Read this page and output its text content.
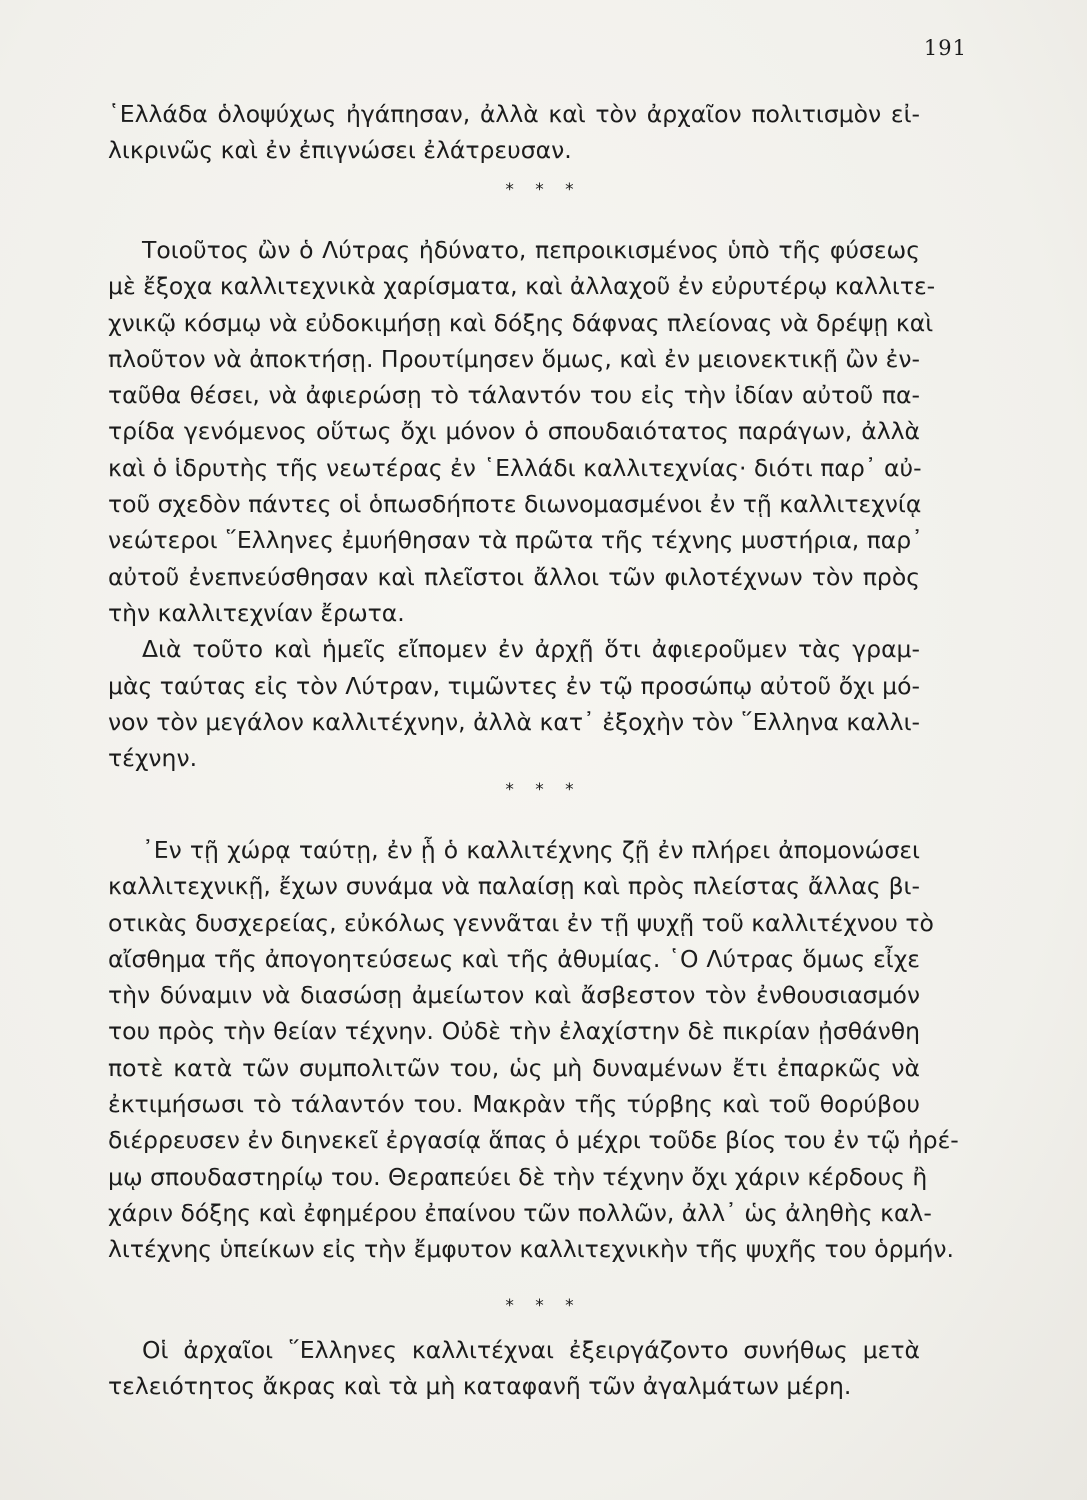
191
῾Ελλάδα ὁλοψύχως ἠγάπησαν, ἀλλὰ καὶ τὸν ἀρχαῖον πολιτισμὸν εἰ-
λικρινῶς καὶ ἐν ἐπιγνώσει ἐλάτρευσαν.
* * *
Τοιοῦτος ὢν ὁ Λύτρας ἠδύνατο, πεπροικισμένος ὑπὸ τῆς φύσεως
μὲ ἔξοχα καλλιτεχνικὰ χαρίσματα, καὶ ἀλλαχοῦ ἐν εὐρυτέρῳ καλλιτε-
χνικῷ κόσμῳ νὰ εὐδοκιμήσῃ καὶ δόξης δάφνας πλείονας νὰ δρέψῃ καὶ
πλοῦτον νὰ ἀποκτήσῃ. Προυτίμησεν ὅμως, καὶ ἐν μειονεκτικῇ ὢν ἐν-
ταῦθα θέσει, νὰ ἀφιερώσῃ τὸ τάλαντόν του εἰς τὴν ἰδίαν αὐτοῦ πα-
τρίδα γενόμενος οὕτως ὄχι μόνον ὁ σπουδαιότατος παράγων, ἀλλὰ
καὶ ὁ ἱδρυτὴς τῆς νεωτέρας ἐν ῾Ελλάδι καλλιτεχνίας· διότι παρ᾽ αὐ-
τοῦ σχεδὸν πάντες οἱ ὁπωσδήποτε διωνομασμένοι ἐν τῇ καλλιτεχνίᾳ
νεώτεροι ῞Ελληνες ἐμυήθησαν τὰ πρῶτα τῆς τέχνης μυστήρια, παρ᾽
αὐτοῦ ἐνεπνεύσθησαν καὶ πλεῖστοι ἄλλοι τῶν φιλοτέχνων τὸν πρὸς
τὴν καλλιτεχνίαν ἔρωτα.
Διὰ τοῦτο καὶ ἡμεῖς εἴπομεν ἐν ἀρχῇ ὅτι ἀφιεροῦμεν τὰς γραμ-
μὰς ταύτας εἰς τὸν Λύτραν, τιμῶντες ἐν τῷ προσώπῳ αὐτοῦ ὄχι μό-
νον τὸν μεγάλον καλλιτέχνην, ἀλλὰ κατ᾽ ἐξοχὴν τὸν ῞Ελληνα καλλι-
τέχνην.
* * *
᾽Εν τῇ χώρᾳ ταύτῃ, ἐν ᾗ ὁ καλλιτέχνης ζῇ ἐν πλήρει ἀπομονώσει
καλλιτεχνικῇ, ἔχων συνάμα νὰ παλαίσῃ καὶ πρὸς πλείστας ἄλλας βι-
οτικὰς δυσχερείας, εὐκόλως γεννᾶται ἐν τῇ ψυχῇ τοῦ καλλιτέχνου τὸ
αἴσθημα τῆς ἀπογοητεύσεως καὶ τῆς ἀθυμίας. ῾Ο Λύτρας ὅμως εἶχε
τὴν δύναμιν νὰ διασώσῃ ἀμείωτον καὶ ἄσβεστον τὸν ἐνθουσιασμόν
του πρὸς τὴν θείαν τέχνην. Οὐδὲ τὴν ἐλαχίστην δὲ πικρίαν ᾐσθάνθη
ποτὲ κατὰ τῶν συμπολιτῶν του, ὡς μὴ δυναμένων ἔτι ἐπαρκῶς νὰ
ἐκτιμήσωσι τὸ τάλαντόν του. Μακρὰν τῆς τύρβης καὶ τοῦ θορύβου
διέρρευσεν ἐν διηνεκεῖ ἐργασίᾳ ἅπας ὁ μέχρι τοῦδε βίος του ἐν τῷ ἠρέ-
μῳ σπουδαστηρίῳ του. Θεραπεύει δὲ τὴν τέχνην ὄχι χάριν κέρδους ἢ
χάριν δόξης καὶ ἐφημέρου ἐπαίνου τῶν πολλῶν, ἀλλ᾽ ὡς ἀληθὴς καλ-
λιτέχνης ὑπείκων εἰς τὴν ἔμφυτον καλλιτεχνικὴν τῆς ψυχῆς του ὁρμήν.
* * *
Οἱ ἀρχαῖοι ῞Ελληνες καλλιτέχναι ἐξειργάζοντο συνήθως μετὰ
τελειότητος ἄκρας καὶ τὰ μὴ καταφανῆ τῶν ἀγαλμάτων μέρη.
